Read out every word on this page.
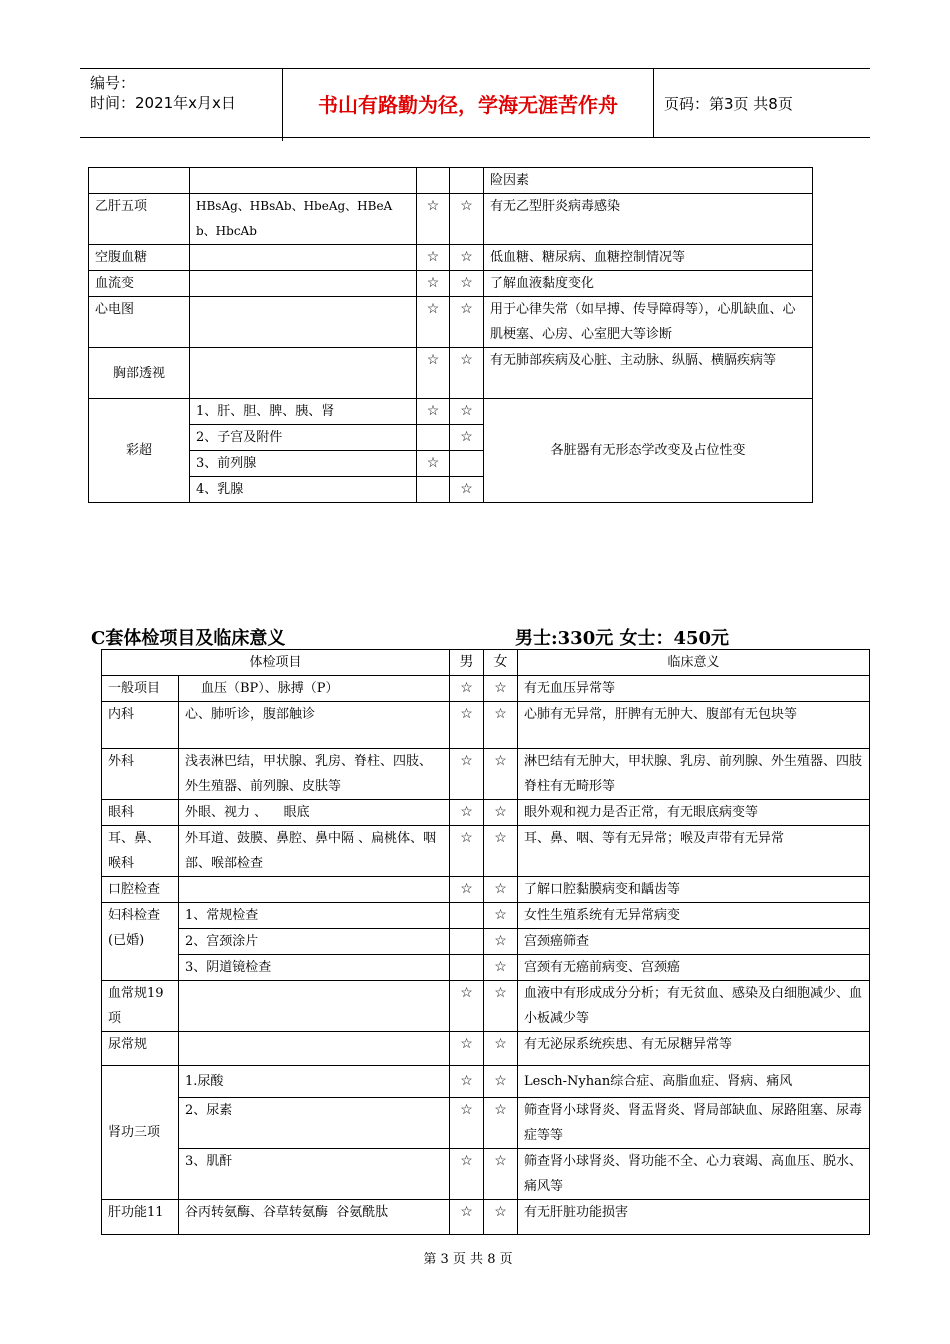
编号：
时间：2021年x月x日	书山有路勤为径，学海无涯苦作舟	页码：第3页 共8页
				险因素
乙肝五项	HBsAg、HBsAb、HbeAg、HBeAb、HbcAb	☆	☆	有无乙型肝炎病毒感染
空腹血糖		☆	☆	低血糖、糖尿病、血糖控制情况等
血流变		☆	☆	了解血液黏度变化
心电图		☆	☆	用于心律失常（如早搏、传导障碍等），心肌缺血、心肌梗塞、心房、心室肥大等诊断
胸部透视		☆	☆	有无肺部疾病及心脏、主动脉、纵膈、横膈疾病等
彩超	1、肝、胆、脾、胰、肾	☆	☆	各脏器有无形态学改变及占位性变
	2、子宫及附件		☆	
	3、前列腺	☆		
	4、乳腺		☆	
C套体检项目及临床意义	男士:330元 女士：450元
体检项目		男	女	临床意义
一般项目	血压（BP）、脉搏（P）	☆	☆	有无血压异常等
内科	心、肺听诊，腹部触诊	☆	☆	心肺有无异常，肝脾有无肿大、腹部有无包块等
外科	浅表淋巴结，甲状腺、乳房、脊柱、四肢、外生殖器、前列腺、皮肤等	☆	☆	淋巴结有无肿大，甲状腺、乳房、前列腺、外生殖器、四肢脊柱有无畸形等
眼科	外眼、视力 、    眼底	☆	☆	眼外观和视力是否正常，有无眼底病变等
耳、鼻、喉科	外耳道、鼓膜、鼻腔、鼻中隔 、扁桃体、咽部、喉部检查	☆	☆	耳、鼻、咽、等有无异常；喉及声带有无异常
口腔检查		☆	☆	了解口腔黏膜病变和龋齿等
妇科检查(已婚)	1、常规检查		☆	女性生殖系统有无异常病变
	2、宫颈涂片		☆	宫颈癌筛查
	3、阴道镜检查		☆	宫颈有无癌前病变、宫颈癌
血常规19项		☆	☆	血液中有形成成分分析；有无贫血、感染及白细胞减少、血小板减少等
尿常规		☆	☆	有无泌尿系统疾患、有无尿糖异常等
肾功三项	1.尿酸	☆	☆	Lesch-Nyhan综合症、高脂血症、肾病、痛风
	2、尿素	☆	☆	筛查肾小球肾炎、肾盂肾炎、肾局部缺血、尿路阻塞、尿毒症等等
	3、肌酐	☆	☆	筛查肾小球肾炎、肾功能不全、心力衰竭、高血压、脱水、痛风等
肝功能11	谷丙转氨酶、谷草转氨酶  谷氨酰肽	☆	☆	有无肝脏功能损害
第 3 页 共 8 页
